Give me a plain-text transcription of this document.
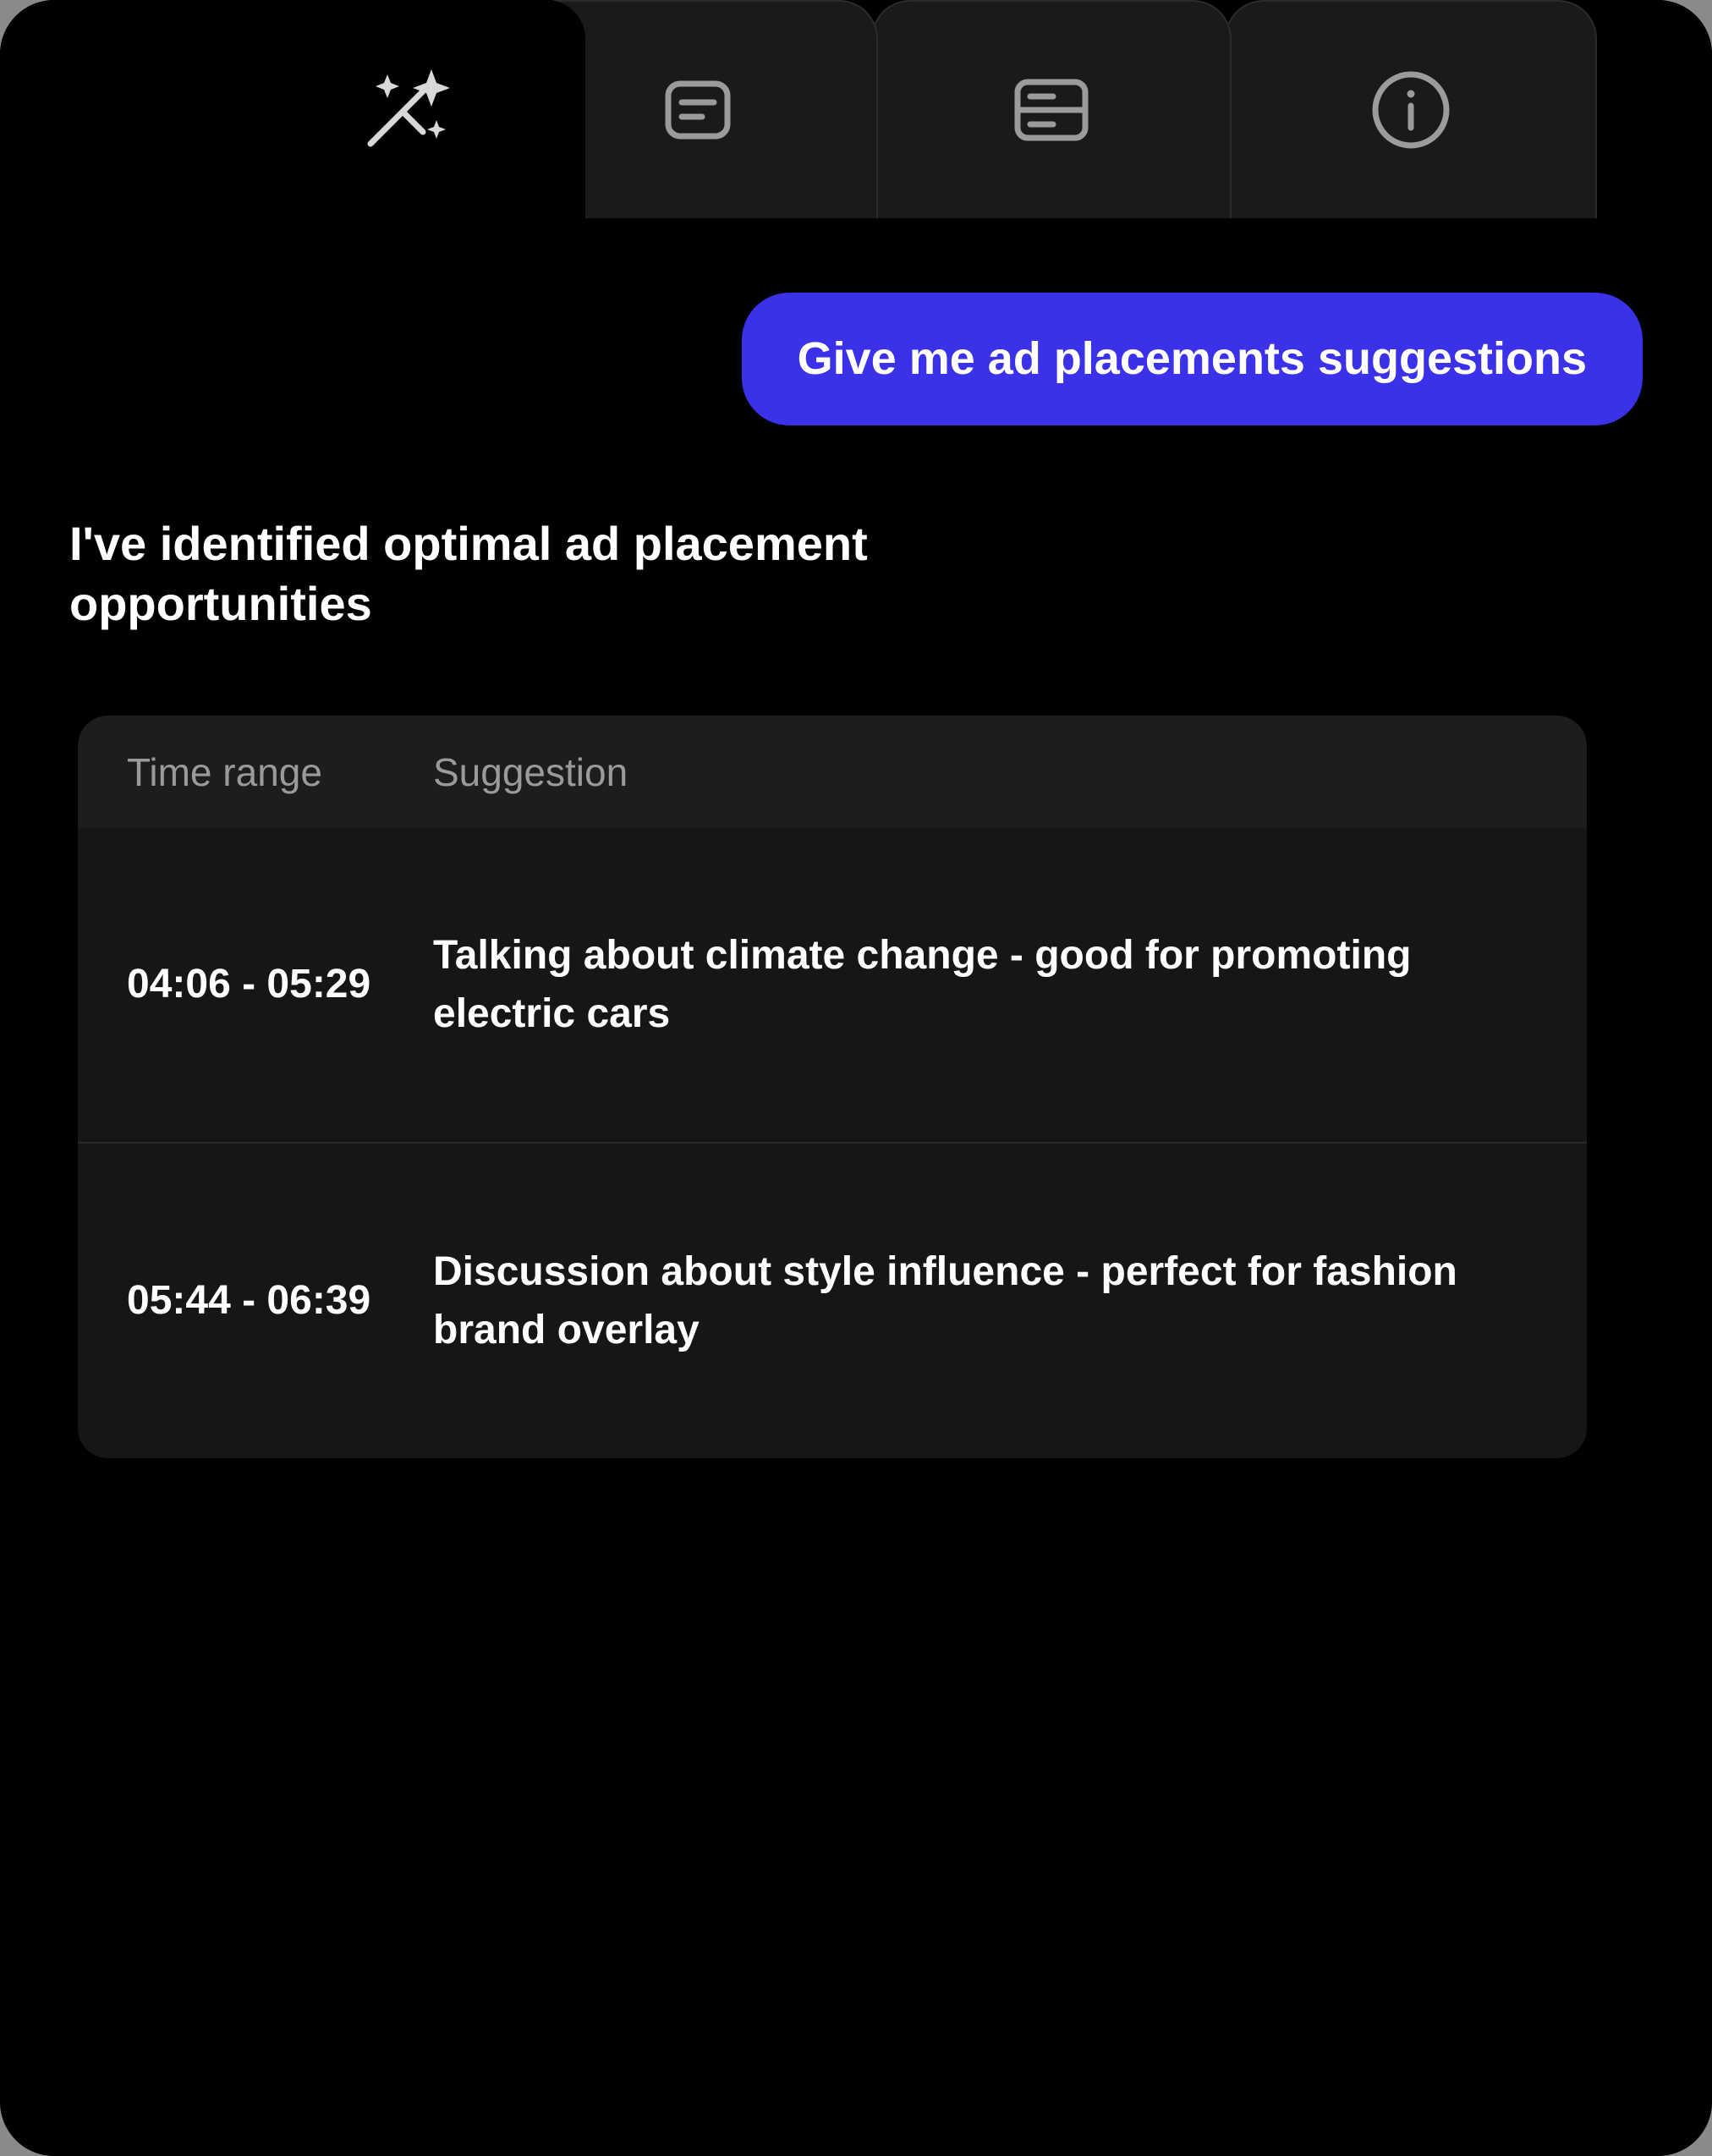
Give me ad placements suggestions
I've identified optimal ad placement opportunities
Time range	Suggestion
04:06 - 05:29
Talking about climate change - good for promoting electric cars
05:44 - 06:39
Discussion about style influence - perfect for fashion brand overlay
